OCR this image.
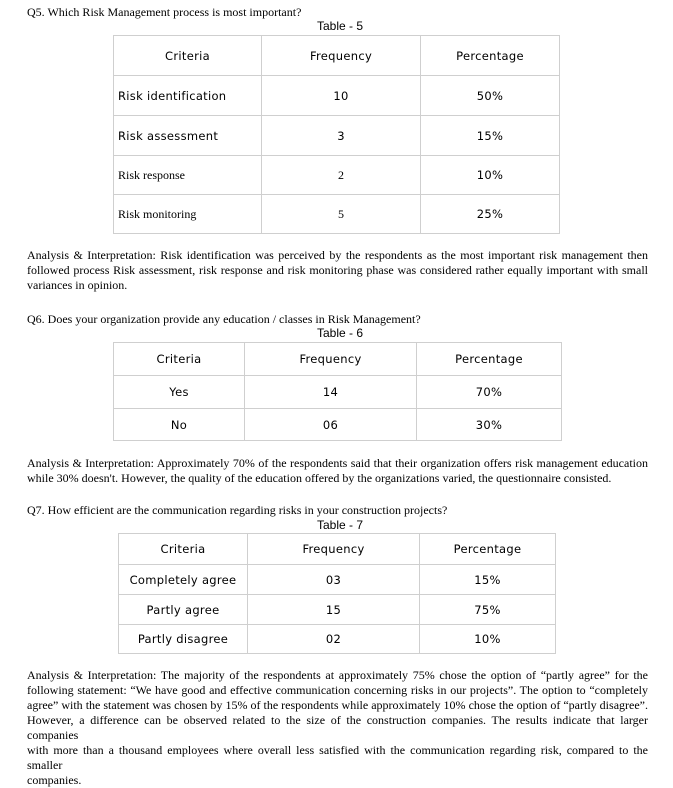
Q5. Which Risk Management process is most important?
Table - 5
Criteria	Frequency	Percentage
Risk identification	10	50%
Risk assessment	3	15%
Risk response	2	10%
Risk monitoring	5	25%
Analysis & Interpretation: Risk identification was perceived by the respondents as the most important risk management then
followed process Risk assessment, risk response and risk monitoring phase was considered rather equally important with small
variances in opinion.
Q6. Does your organization provide any education / classes in Risk Management?
Table - 6
Criteria	Frequency	Percentage
Yes	14	70%
No	06	30%
Analysis & Interpretation: Approximately 70% of the respondents said that their organization offers risk management education
while 30% doesn't. However, the quality of the education offered by the organizations varied, the questionnaire consisted.
Q7. How efficient are the communication regarding risks in your construction projects?
Table - 7
Criteria	Frequency	Percentage
Completely agree	03	15%
Partly agree	15	75%
Partly disagree	02	10%
Analysis & Interpretation: The majority of the respondents at approximately 75% chose the option of “partly agree” for the
following statement: “We have good and effective communication concerning risks in our projects”. The option to “completely
agree” with the statement was chosen by 15% of the respondents while approximately 10% chose the option of “partly disagree”.
However, a difference can be observed related to the size of the construction companies. The results indicate that larger companies
with more than a thousand employees where overall less satisfied with the communication regarding risk, compared to the smaller
companies.
